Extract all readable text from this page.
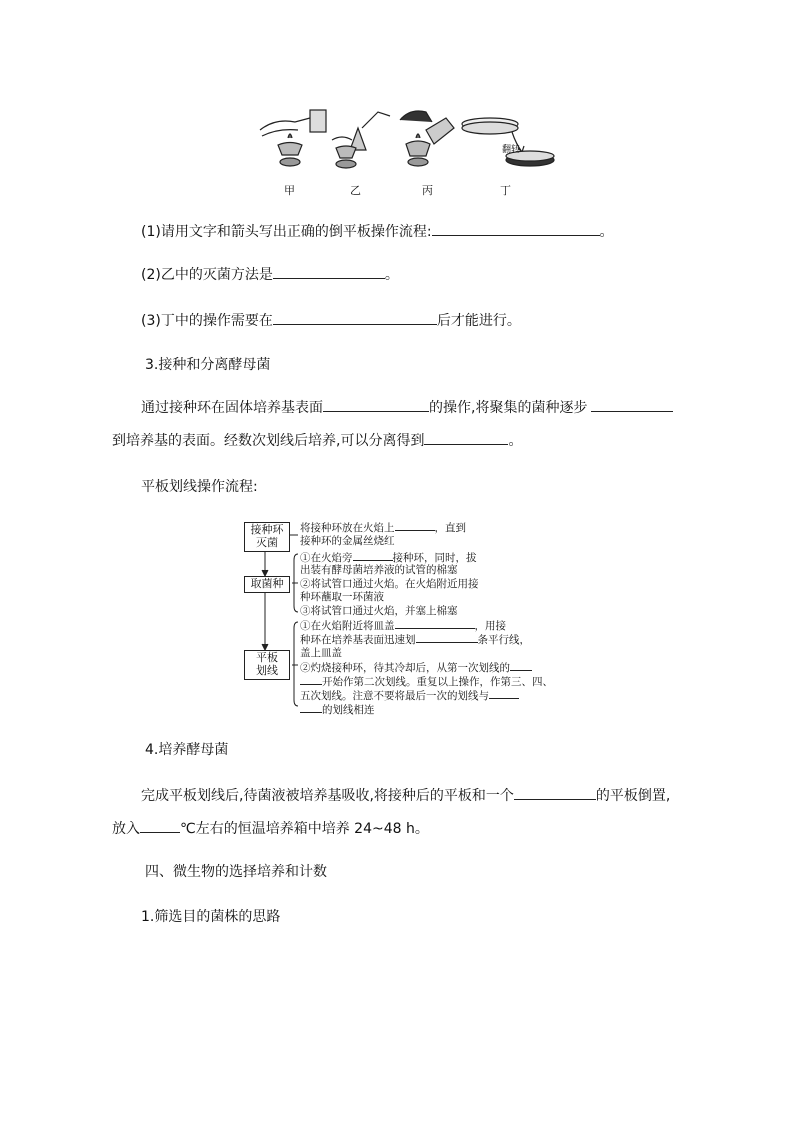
翻转
甲	乙	丙	丁
(1)请用文字和箭头写出正确的倒平板操作流程:	。
(2)乙中的灭菌方法是	。
(3)丁中的操作需要在	后才能进行。
3.接种和分离酵母菌
通过接种环在固体培养基表面	的操作,将聚集的菌种逐步
到培养基的表面。经数次划线后培养,可以分离得到	。
平板划线操作流程:
接种环
灭菌
取菌种
平板
划线
将接种环放在火焰上	，直到
接种环的金属丝烧红
①在火焰旁	接种环，同时，拔
出装有酵母菌培养液的试管的棉塞
②将试管口通过火焰。在火焰附近用接
种环蘸取一环菌液
③将试管口通过火焰，并塞上棉塞
①在火焰附近将皿盖	，用接
种环在培养基表面迅速划	条平行线，
盖上皿盖
②灼烧接种环，待其冷却后，从第一次划线的
开始作第二次划线。重复以上操作，作第三、四、
五次划线。注意不要将最后一次的划线与
的划线相连
4.培养酵母菌
完成平板划线后,待菌液被培养基吸收,将接种后的平板和一个	的平板倒置,
放入	℃左右的恒温培养箱中培养 24~48 h。
四、微生物的选择培养和计数
1.筛选目的菌株的思路
